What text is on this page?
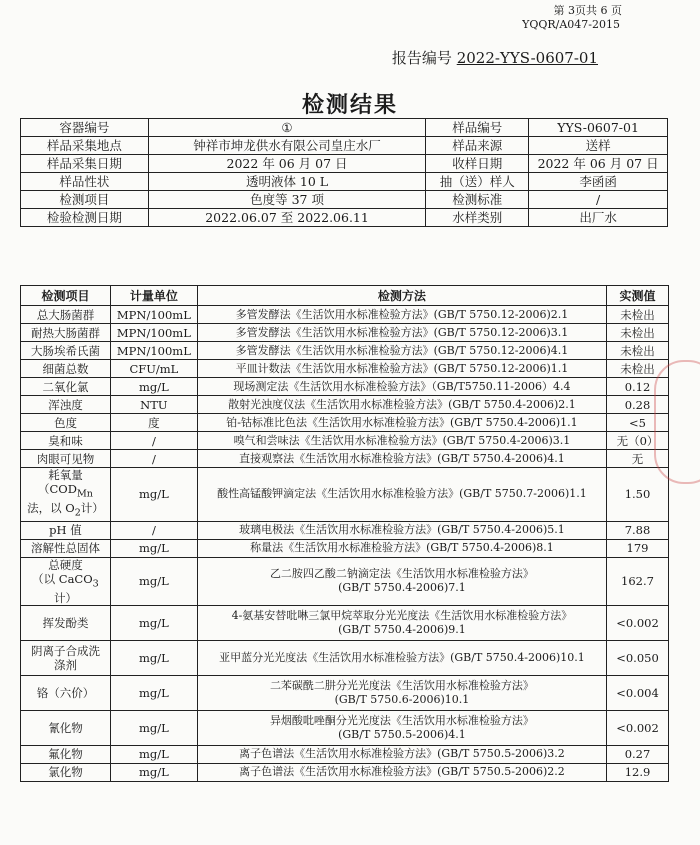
第 3页共 6 页
YQQR/A047-2015
报告编号 2022-YYS-0607-01
检测结果
容器编号	①	样品编号	YYS-0607-01
样品采集地点	钟祥市坤龙供水有限公司皇庄水厂	样品来源	送样
样品采集日期	2022 年 06 月 07 日	收样日期	2022 年 06 月 07 日
样品性状	透明液体 10 L	抽（送）样人	李函函
检测项目	色度等 37 项	检测标准	/
检验检测日期	2022.06.07 至 2022.06.11	水样类别	出厂水
检测项目	计量单位	检测方法	实测值
总大肠菌群	MPN/100mL	多管发酵法《生活饮用水标准检验方法》(GB/T 5750.12-2006)2.1	未检出
耐热大肠菌群	MPN/100mL	多管发酵法《生活饮用水标准检验方法》(GB/T 5750.12-2006)3.1	未检出
大肠埃希氏菌	MPN/100mL	多管发酵法《生活饮用水标准检验方法》(GB/T 5750.12-2006)4.1	未检出
细菌总数	CFU/mL	平皿计数法《生活饮用水标准检验方法》(GB/T 5750.12-2006)1.1	未检出
二氧化氯	mg/L	现场测定法《生活饮用水标准检验方法》（GB/T5750.11-2006）4.4	0.12
浑浊度	NTU	散射光浊度仪法《生活饮用水标准检验方法》(GB/T 5750.4-2006)2.1	0.28
色度	度	铂-钴标准比色法《生活饮用水标准检验方法》(GB/T 5750.4-2006)1.1	<5
臭和味	/	嗅气和尝味法《生活饮用水标准检验方法》(GB/T 5750.4-2006)3.1	无（0）
肉眼可见物	/	直接观察法《生活饮用水标准检验方法》(GB/T 5750.4-2006)4.1	无
耗氧量（$COD_{Mn}$
法，以 $O_2$计）	mg/L	酸性高锰酸钾滴定法《生活饮用水标准检验方法》(GB/T 5750.7-2006)1.1	1.50
pH 值	/	玻璃电极法《生活饮用水标准检验方法》(GB/T 5750.4-2006)5.1	7.88
溶解性总固体	mg/L	称量法《生活饮用水标准检验方法》(GB/T 5750.4-2006)8.1	179
总硬度
（以 CaCO$_3$计）	mg/L	乙二胺四乙酸二钠滴定法《生活饮用水标准检验方法》
(GB/T 5750.4-2006)7.1	162.7
挥发酚类	mg/L	4-氨基安替吡啉三氯甲烷萃取分光光度法《生活饮用水标准检验方法》
(GB/T 5750.4-2006)9.1	<0.002
阴离子合成洗
涤剂	mg/L	亚甲蓝分光光度法《生活饮用水标准检验方法》(GB/T 5750.4-2006)10.1	<0.050
铬（六价）	mg/L	二苯碳酰二肼分光光度法《生活饮用水标准检验方法》
(GB/T 5750.6-2006)10.1	<0.004
氰化物	mg/L	异烟酸吡唑酮分光光度法《生活饮用水标准检验方法》
(GB/T 5750.5-2006)4.1	<0.002
氟化物	mg/L	离子色谱法《生活饮用水标准检验方法》(GB/T 5750.5-2006)3.2	0.27
氯化物	mg/L	离子色谱法《生活饮用水标准检验方法》(GB/T 5750.5-2006)2.2	12.9
